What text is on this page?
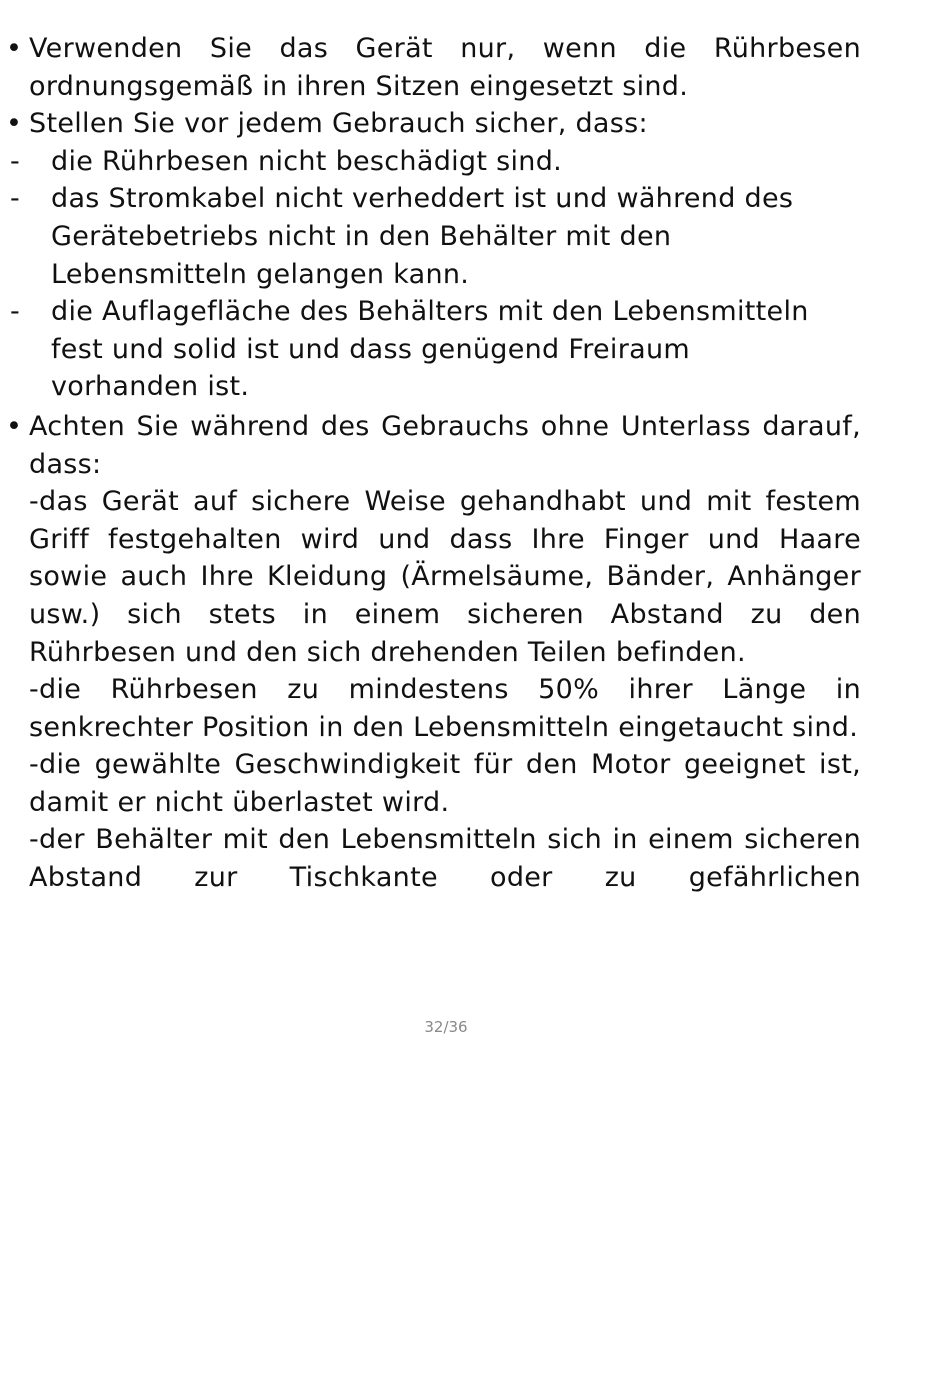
• Verwenden Sie das Gerät nur, wenn die Rührbesen ordnungsgemäß in ihren Sitzen eingesetzt sind.
• Stellen Sie vor jedem Gebrauch sicher, dass:
- die Rührbesen nicht beschädigt sind.
- das Stromkabel nicht verheddert ist und während des Gerätebetriebs nicht in den Behälter mit den Lebensmitteln gelangen kann.
- die Auflagefläche des Behälters mit den Lebensmitteln fest und solid ist und dass genügend Freiraum vorhanden ist.
• Achten Sie während des Gebrauchs ohne Unterlass darauf, dass:
-das Gerät auf sichere Weise gehandhabt und mit festem Griff festgehalten wird und dass Ihre Finger und Haare sowie auch Ihre Kleidung (Ärmelsäume, Bänder, Anhänger usw.) sich stets in einem sicheren Abstand zu den Rührbesen und den sich drehenden Teilen befinden.
-die Rührbesen zu mindestens 50% ihrer Länge in senkrechter Position in den Lebensmitteln eingetaucht sind.
-die gewählte Geschwindigkeit für den Motor geeignet ist, damit er nicht überlastet wird.
-der Behälter mit den Lebensmitteln sich in einem sicheren Abstand zur Tischkante oder zu gefährlichen
32/36
